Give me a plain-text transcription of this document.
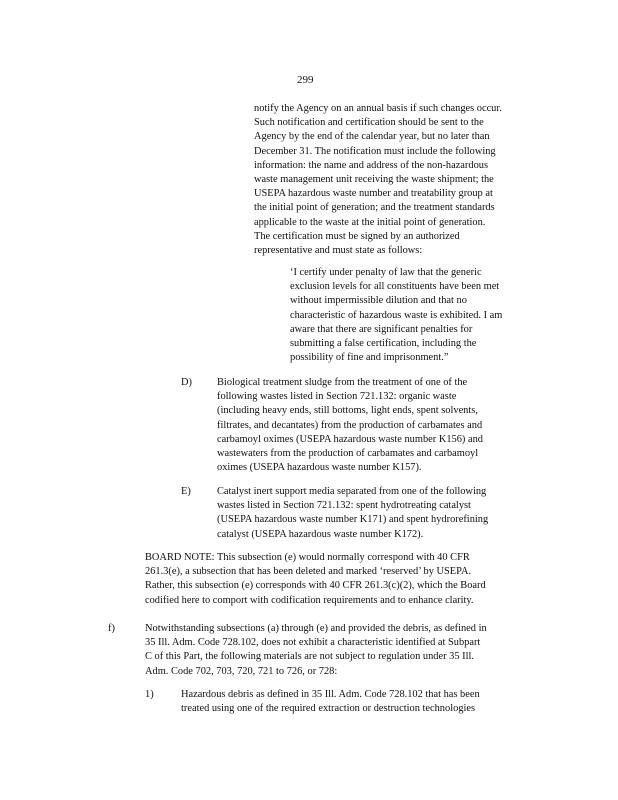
299
notify the Agency on an annual basis if such changes occur.
Such notification and certification should be sent to the
Agency by the end of the calendar year, but no later than
December 31. The notification must include the following
information: the name and address of the non-hazardous
waste management unit receiving the waste shipment; the
USEPA hazardous waste number and treatability group at
the initial point of generation; and the treatment standards
applicable to the waste at the initial point of generation.
The certification must be signed by an authorized
representative and must state as follows:
‘I certify under penalty of law that the generic
exclusion levels for all constituents have been met
without impermissible dilution and that no
characteristic of hazardous waste is exhibited. I am
aware that there are significant penalties for
submitting a false certification, including the
possibility of fine and imprisonment.”
D) Biological treatment sludge from the treatment of one of the
following wastes listed in Section 721.132: organic waste
(including heavy ends, still bottoms, light ends, spent solvents,
filtrates, and decantates) from the production of carbamates and
carbamoyl oximes (USEPA hazardous waste number K156) and
wastewaters from the production of carbamates and carbamoyl
oximes (USEPA hazardous waste number K157).
E)	Catalyst inert support media separated from one of the following
wastes listed in Section 721.132: spent hydrotreating catalyst
(USEPA hazardous waste number K171) and spent hydrorefining
catalyst (USEPA hazardous waste number K172).
BOARD NOTE: This subsection (e) would normally correspond with 40 CFR
261.3(e), a subsection that has been deleted and marked ‘reserved’ by USEPA.
Rather, this subsection (e) corresponds with 40 CFR 261.3(c)(2), which the Board
codified here to comport with codification requirements and to enhance clarity.
f)	Notwithstanding subsections (a) through (e) and provided the debris, as defined in
35 Ill. Adm. Code 728.102, does not exhibit a characteristic identified at Subpart
C of this Part, the following materials are not subject to regulation under 35 Ill.
Adm. Code 702, 703, 720, 721 to 726, or 728:
1)	Hazardous debris as defined in 35 Ill. Adm. Code 728.102 that has been
treated using one of the required extraction or destruction technologies
